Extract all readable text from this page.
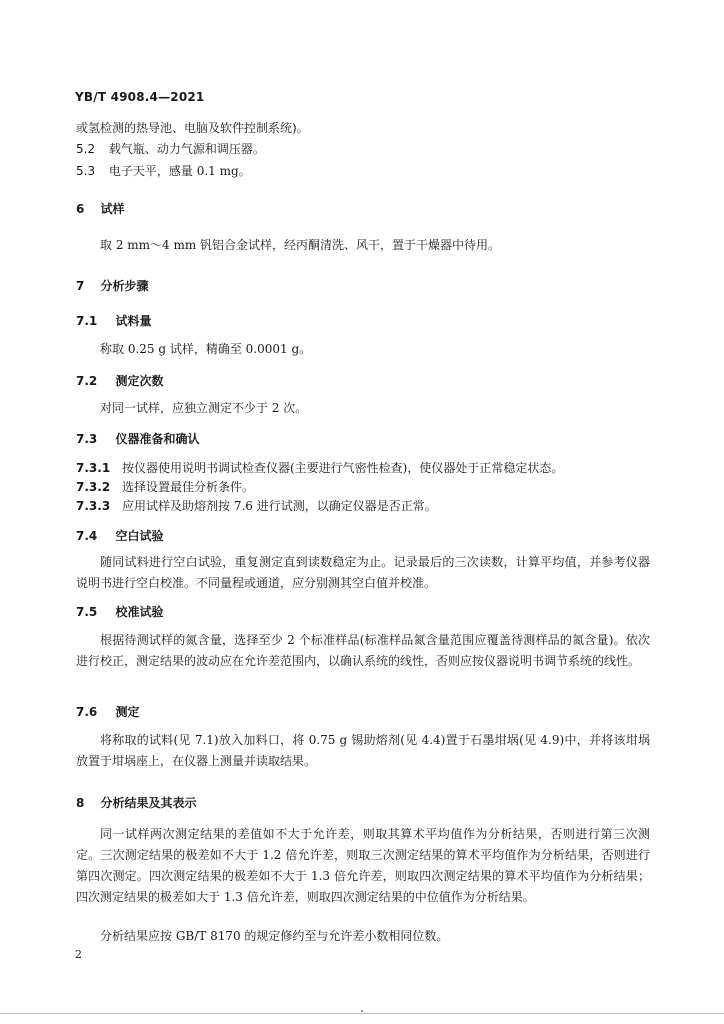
YB/T 4908.4—2021
或氢检测的热导池、电脑及软件控制系统)。
5.2 载气瓶、动力气源和调压器。
5.3 电子天平，感量 0.1 mg。
6 试样
取 2 mm～4 mm 钒铝合金试样，经丙酮清洗、风干，置于干燥器中待用。
7 分析步骤
7.1 试料量
称取 0.25 g 试样，精确至 0.0001 g。
7.2 测定次数
对同一试样，应独立测定不少于 2 次。
7.3 仪器准备和确认
7.3.1 按仪器使用说明书调试检查仪器(主要进行气密性检查)，使仪器处于正常稳定状态。
7.3.2 选择设置最佳分析条件。
7.3.3 应用试样及助熔剂按 7.6 进行试测，以确定仪器是否正常。
7.4 空白试验
随同试料进行空白试验，重复测定直到读数稳定为止。记录最后的三次读数，计算平均值，并参考仪器说明书进行空白校准。不同量程或通道，应分别测其空白值并校准。
7.5 校准试验
根据待测试样的氮含量，选择至少 2 个标准样品(标准样品氮含量范围应覆盖待测样品的氮含量)。依次进行校正，测定结果的波动应在允许差范围内，以确认系统的线性，否则应按仪器说明书调节系统的线性。
7.6 测定
将称取的试料(见 7.1)放入加料口，将 0.75 g 锡助熔剂(见 4.4)置于石墨坩埚(见 4.9)中，并将该坩埚放置于坩埚座上，在仪器上测量并读取结果。
8 分析结果及其表示
同一试样两次测定结果的差值如不大于允许差，则取其算术平均值作为分析结果，否则进行第三次测定。三次测定结果的极差如不大于 1.2 倍允许差，则取三次测定结果的算术平均值作为分析结果，否则进行第四次测定。四次测定结果的极差如不大于 1.3 倍允许差，则取四次测定结果的算术平均值作为分析结果；四次测定结果的极差如大于 1.3 倍允许差，则取四次测定结果的中位值作为分析结果。
分析结果应按 GB/T 8170 的规定修约至与允许差小数相同位数。
2
